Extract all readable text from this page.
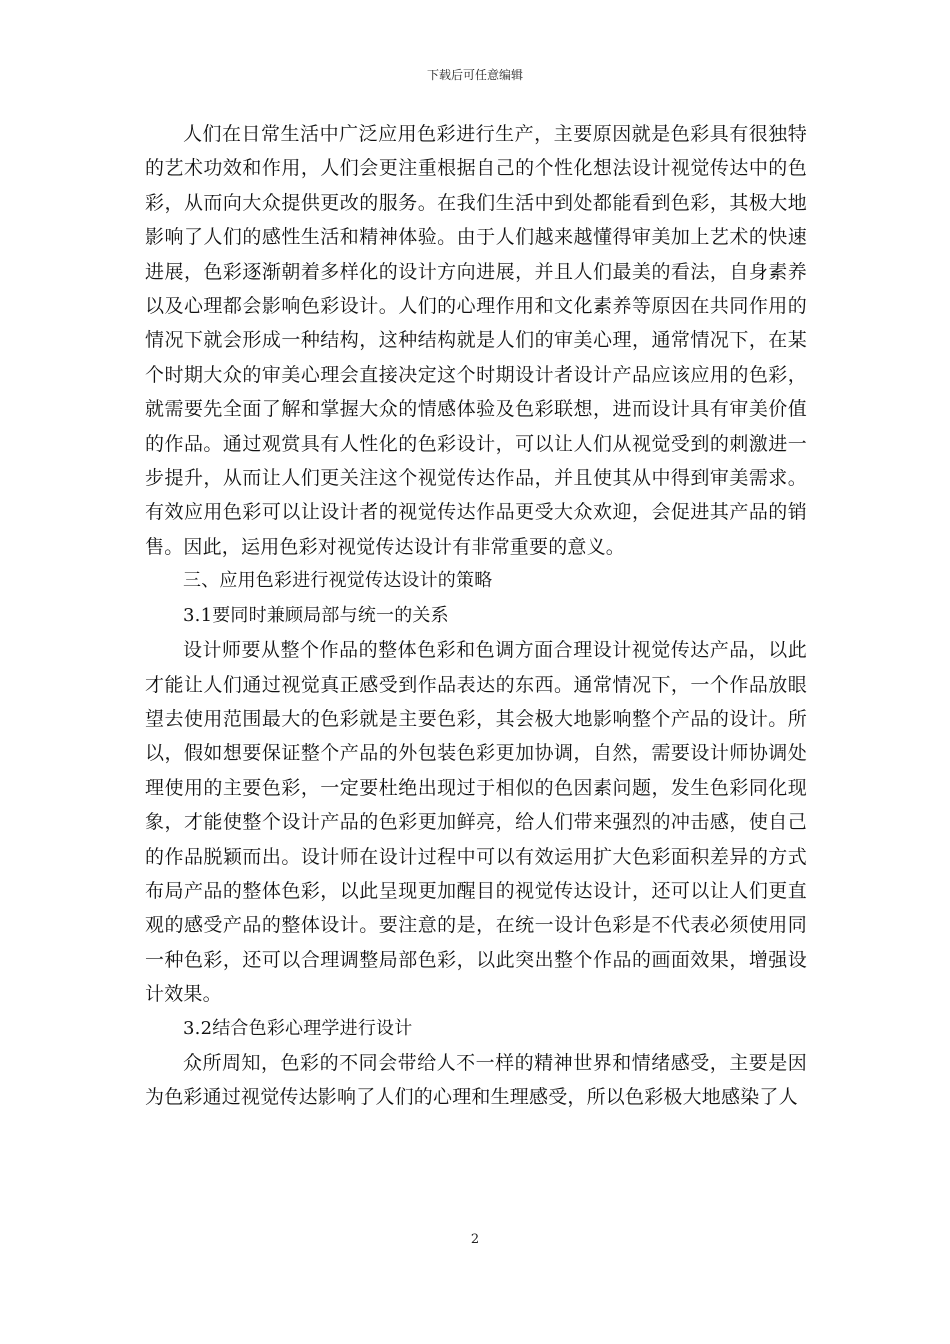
下载后可任意编辑

人们在日常生活中广泛应用色彩进行生产，主要原因就是色彩具有很独特的艺术功效和作用，人们会更注重根据自己的个性化想法设计视觉传达中的色彩，从而向大众提供更改的服务。在我们生活中到处都能看到色彩，其极大地影响了人们的感性生活和精神体验。由于人们越来越懂得审美加上艺术的快速进展，色彩逐渐朝着多样化的设计方向进展，并且人们最美的看法，自身素养以及心理都会影响色彩设计。人们的心理作用和文化素养等原因在共同作用的情况下就会形成一种结构，这种结构就是人们的审美心理，通常情况下，在某个时期大众的审美心理会直接决定这个时期设计者设计产品应该应用的色彩，就需要先全面了解和掌握大众的情感体验及色彩联想，进而设计具有审美价值的作品。通过观赏具有人性化的色彩设计，可以让人们从视觉受到的刺激进一步提升，从而让人们更关注这个视觉传达作品，并且使其从中得到审美需求。有效应用色彩可以让设计者的视觉传达作品更受大众欢迎，会促进其产品的销售。因此，运用色彩对视觉传达设计有非常重要的意义。

三、应用色彩进行视觉传达设计的策略

3.1要同时兼顾局部与统一的关系

设计师要从整个作品的整体色彩和色调方面合理设计视觉传达产品，以此才能让人们通过视觉真正感受到作品表达的东西。通常情况下，一个作品放眼望去使用范围最大的色彩就是主要色彩，其会极大地影响整个产品的设计。所以，假如想要保证整个产品的外包装色彩更加协调，自然，需要设计师协调处理使用的主要色彩，一定要杜绝出现过于相似的色因素问题，发生色彩同化现象，才能使整个设计产品的色彩更加鲜亮，给人们带来强烈的冲击感，使自己的作品脱颖而出。设计师在设计过程中可以有效运用扩大色彩面积差异的方式布局产品的整体色彩，以此呈现更加醒目的视觉传达设计，还可以让人们更直观的感受产品的整体设计。要注意的是，在统一设计色彩是不代表必须使用同一种色彩，还可以合理调整局部色彩，以此突出整个作品的画面效果，增强设计效果。

3.2结合色彩心理学进行设计

众所周知，色彩的不同会带给人不一样的精神世界和情绪感受，主要是因为色彩通过视觉传达影响了人们的心理和生理感受，所以色彩极大地感染了人

2
